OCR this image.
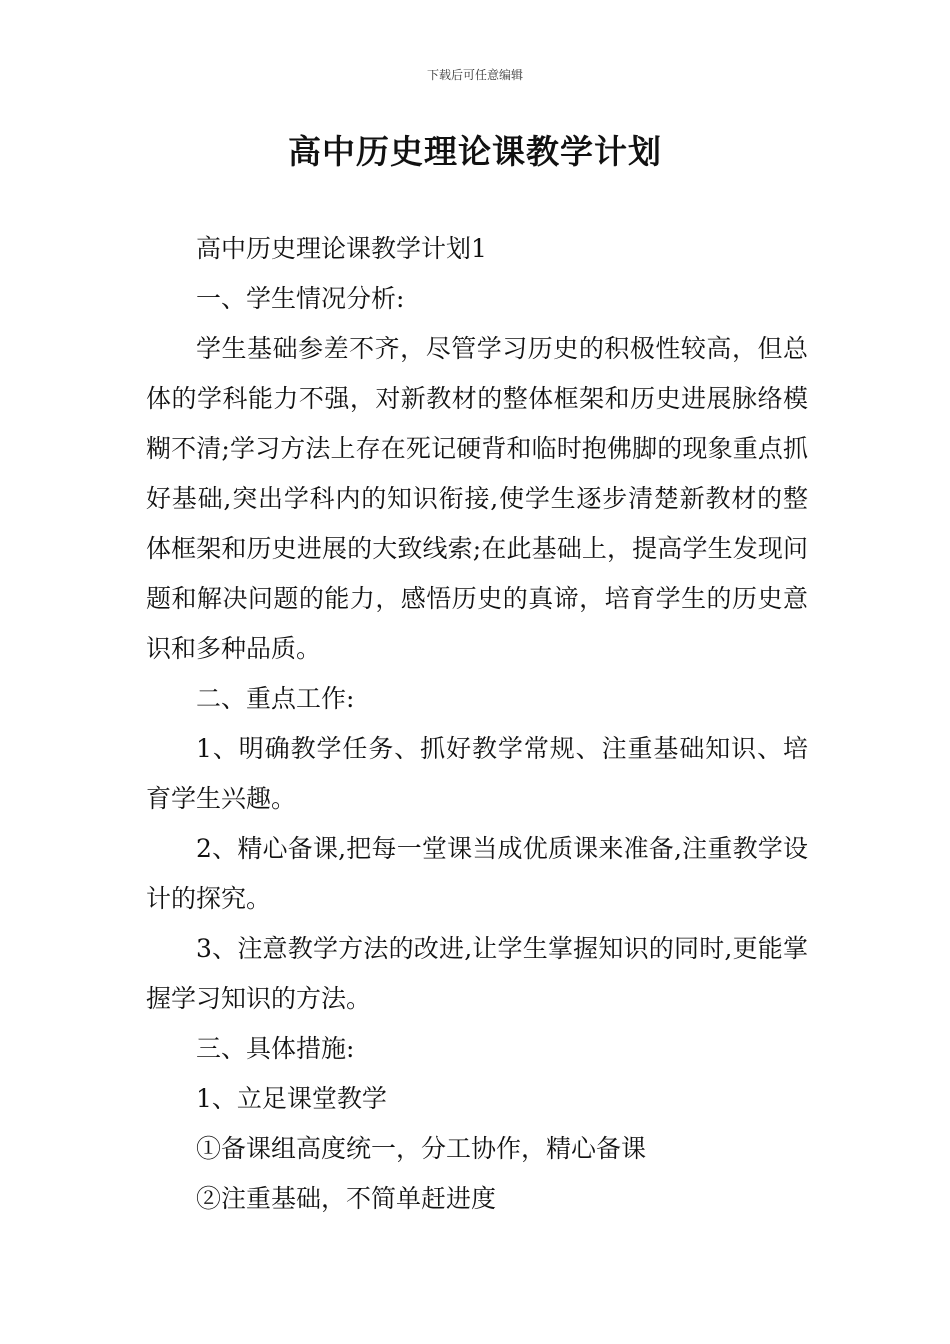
下载后可任意编辑
高中历史理论课教学计划

高中历史理论课教学计划1

一、学生情况分析:

学生基础参差不齐，尽管学习历史的积极性较高，但总体的学科能力不强，对新教材的整体框架和历史进展脉络模糊不清;学习方法上存在死记硬背和临时抱佛脚的现象重点抓好基础,突出学科内的知识衔接,使学生逐步清楚新教材的整体框架和历史进展的大致线索;在此基础上，提高学生发现问题和解决问题的能力，感悟历史的真谛，培育学生的历史意识和多种品质。

二、重点工作:

1、明确教学任务、抓好教学常规、注重基础知识、培育学生兴趣。

2、精心备课,把每一堂课当成优质课来准备,注重教学设计的探究。

3、注意教学方法的改进,让学生掌握知识的同时,更能掌握学习知识的方法。

三、具体措施:

1、立足课堂教学

①备课组高度统一，分工协作，精心备课

②注重基础，不简单赶进度
